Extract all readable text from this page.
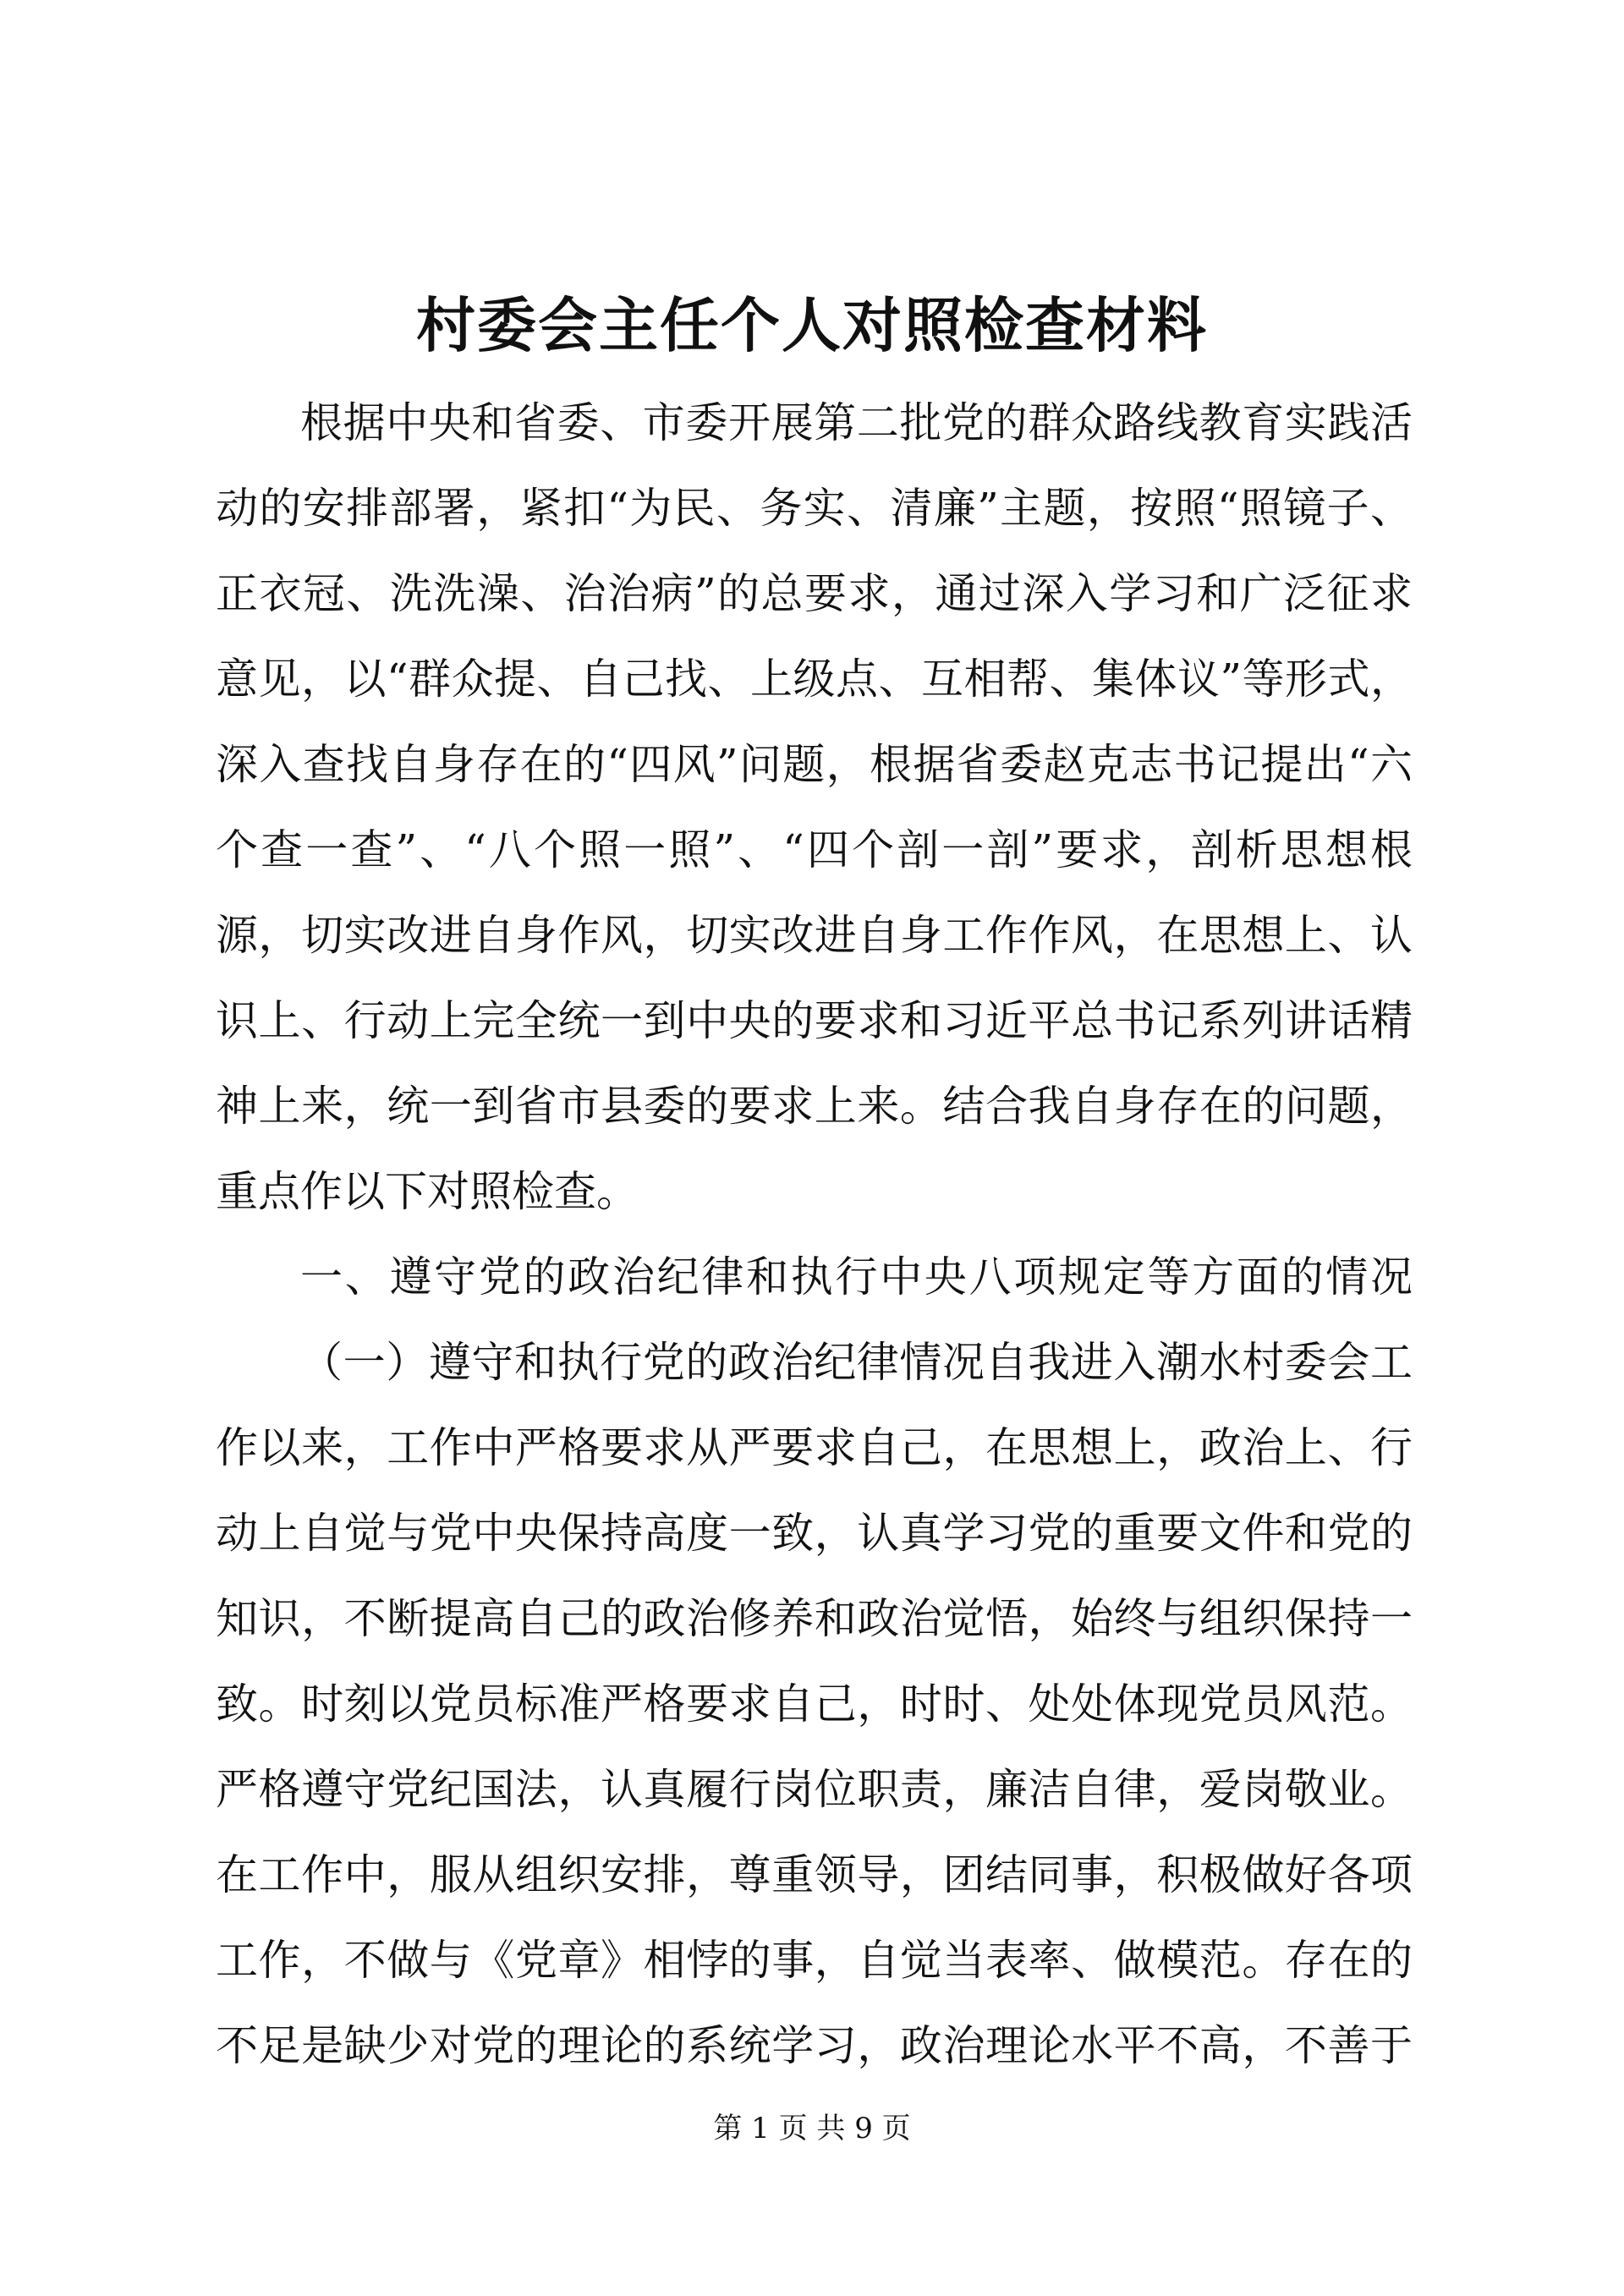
村委会主任个人对照检查材料
根据中央和省委、市委开展第二批党的群众路线教育实践活
动的安排部署，紧扣“为民、务实、清廉”主题，按照“照镜子、
正衣冠、洗洗澡、治治病”的总要求，通过深入学习和广泛征求
意见，以“群众提、自己找、上级点、互相帮、集体议”等形式，
深入查找自身存在的“四风”问题，根据省委赵克志书记提出“六
个查一查”、“八个照一照”、“四个剖一剖”要求，剖析思想根
源，切实改进自身作风，切实改进自身工作作风，在思想上、认
识上、行动上完全统一到中央的要求和习近平总书记系列讲话精
神上来，统一到省市县委的要求上来。结合我自身存在的问题，
重点作以下对照检查。
一、遵守党的政治纪律和执行中央八项规定等方面的情况
（一）遵守和执行党的政治纪律情况自我进入潮水村委会工
作以来，工作中严格要求从严要求自己，在思想上，政治上、行
动上自觉与党中央保持高度一致，认真学习党的重要文件和党的
知识，不断提高自己的政治修养和政治觉悟，始终与组织保持一
致。时刻以党员标准严格要求自己，时时、处处体现党员风范。
严格遵守党纪国法，认真履行岗位职责，廉洁自律，爱岗敬业。
在工作中，服从组织安排，尊重领导，团结同事，积极做好各项
工作，不做与《党章》相悖的事，自觉当表率、做模范。存在的
不足是缺少对党的理论的系统学习，政治理论水平不高，不善于
第 1 页 共 9 页
